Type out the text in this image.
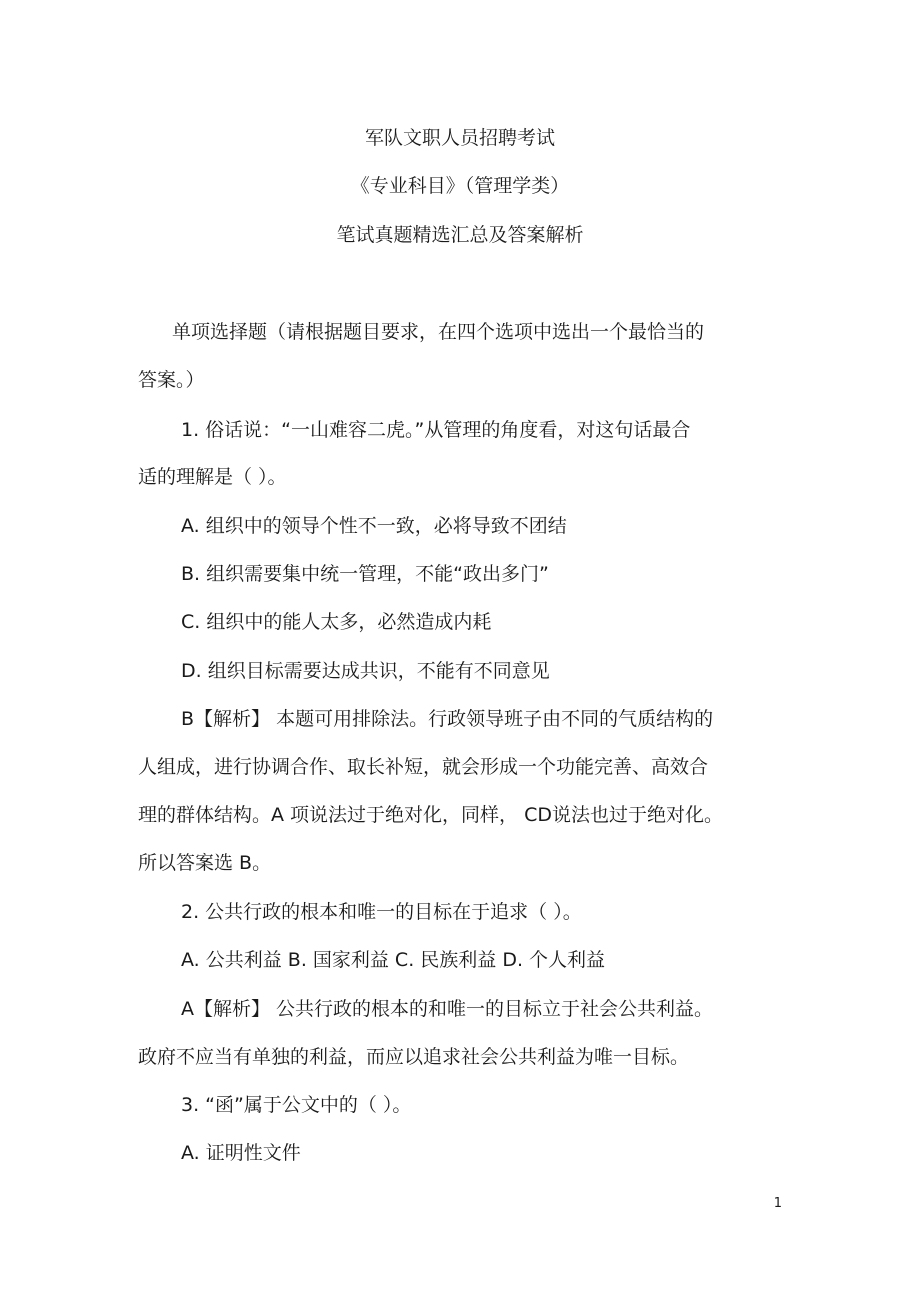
军队文职人员招聘考试

《专业科目》（管理学类）

笔试真题精选汇总及答案解析

单项选择题（请根据题目要求，在四个选项中选出一个最恰当的

答案。）

1. 俗话说：“一山难容二虎。”从管理的角度看，对这句话最合

适的理解是（ ）。

A. 组织中的领导个性不一致，必将导致不团结

B. 组织需要集中统一管理，不能“政出多门”

C. 组织中的能人太多，必然造成内耗

D. 组织目标需要达成共识，不能有不同意见

B【解析】 本题可用排除法。行政领导班子由不同的气质结构的

人组成，进行协调合作、取长补短，就会形成一个功能完善、高效合

理的群体结构。A 项说法过于绝对化，同样， CD说法也过于绝对化。

所以答案选 B。

2. 公共行政的根本和唯一的目标在于追求（ ）。

A. 公共利益 B. 国家利益 C. 民族利益 D. 个人利益

A【解析】 公共行政的根本的和唯一的目标立于社会公共利益。

政府不应当有单独的利益，而应以追求社会公共利益为唯一目标。

3. “函”属于公文中的（ ）。

A. 证明性文件

1
